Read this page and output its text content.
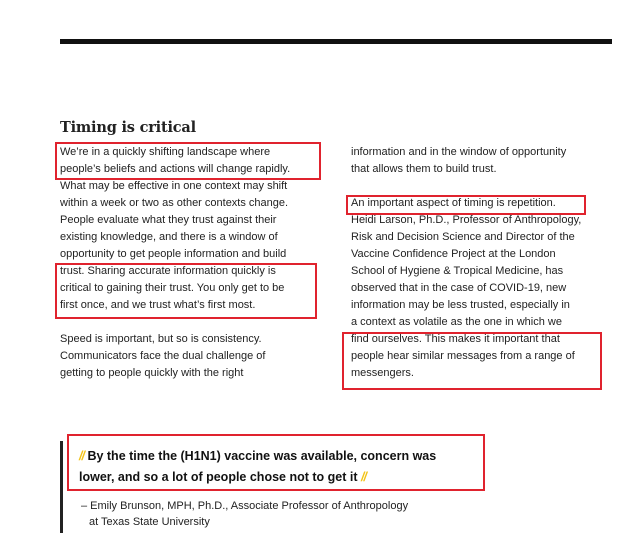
Timing is critical

We’re in a quickly shifting landscape where
people’s beliefs and actions will change rapidly.
What may be effective in one context may shift
within a week or two as other contexts change.
People evaluate what they trust against their
existing knowledge, and there is a window of
opportunity to get people information and build
trust. Sharing accurate information quickly is
critical to gaining their trust. You only get to be
first once, and we trust what’s first most.

Speed is important, but so is consistency.
Communicators face the dual challenge of
getting to people quickly with the right

information and in the window of opportunity
that allows them to build trust.

An important aspect of timing is repetition.
Heidi Larson, Ph.D., Professor of Anthropology,
Risk and Decision Science and Director of the
Vaccine Confidence Project at the London
School of Hygiene & Tropical Medicine, has
observed that in the case of COVID-19, new
information may be less trusted, especially in
a context as volatile as the one in which we
find ourselves. This makes it important that
people hear similar messages from a range of
messengers.

// By the time the (H1N1) vaccine was available, concern was
lower, and so a lot of people chose not to get it //
– Emily Brunson, MPH, Ph.D., Associate Professor of Anthropology
at Texas State University
